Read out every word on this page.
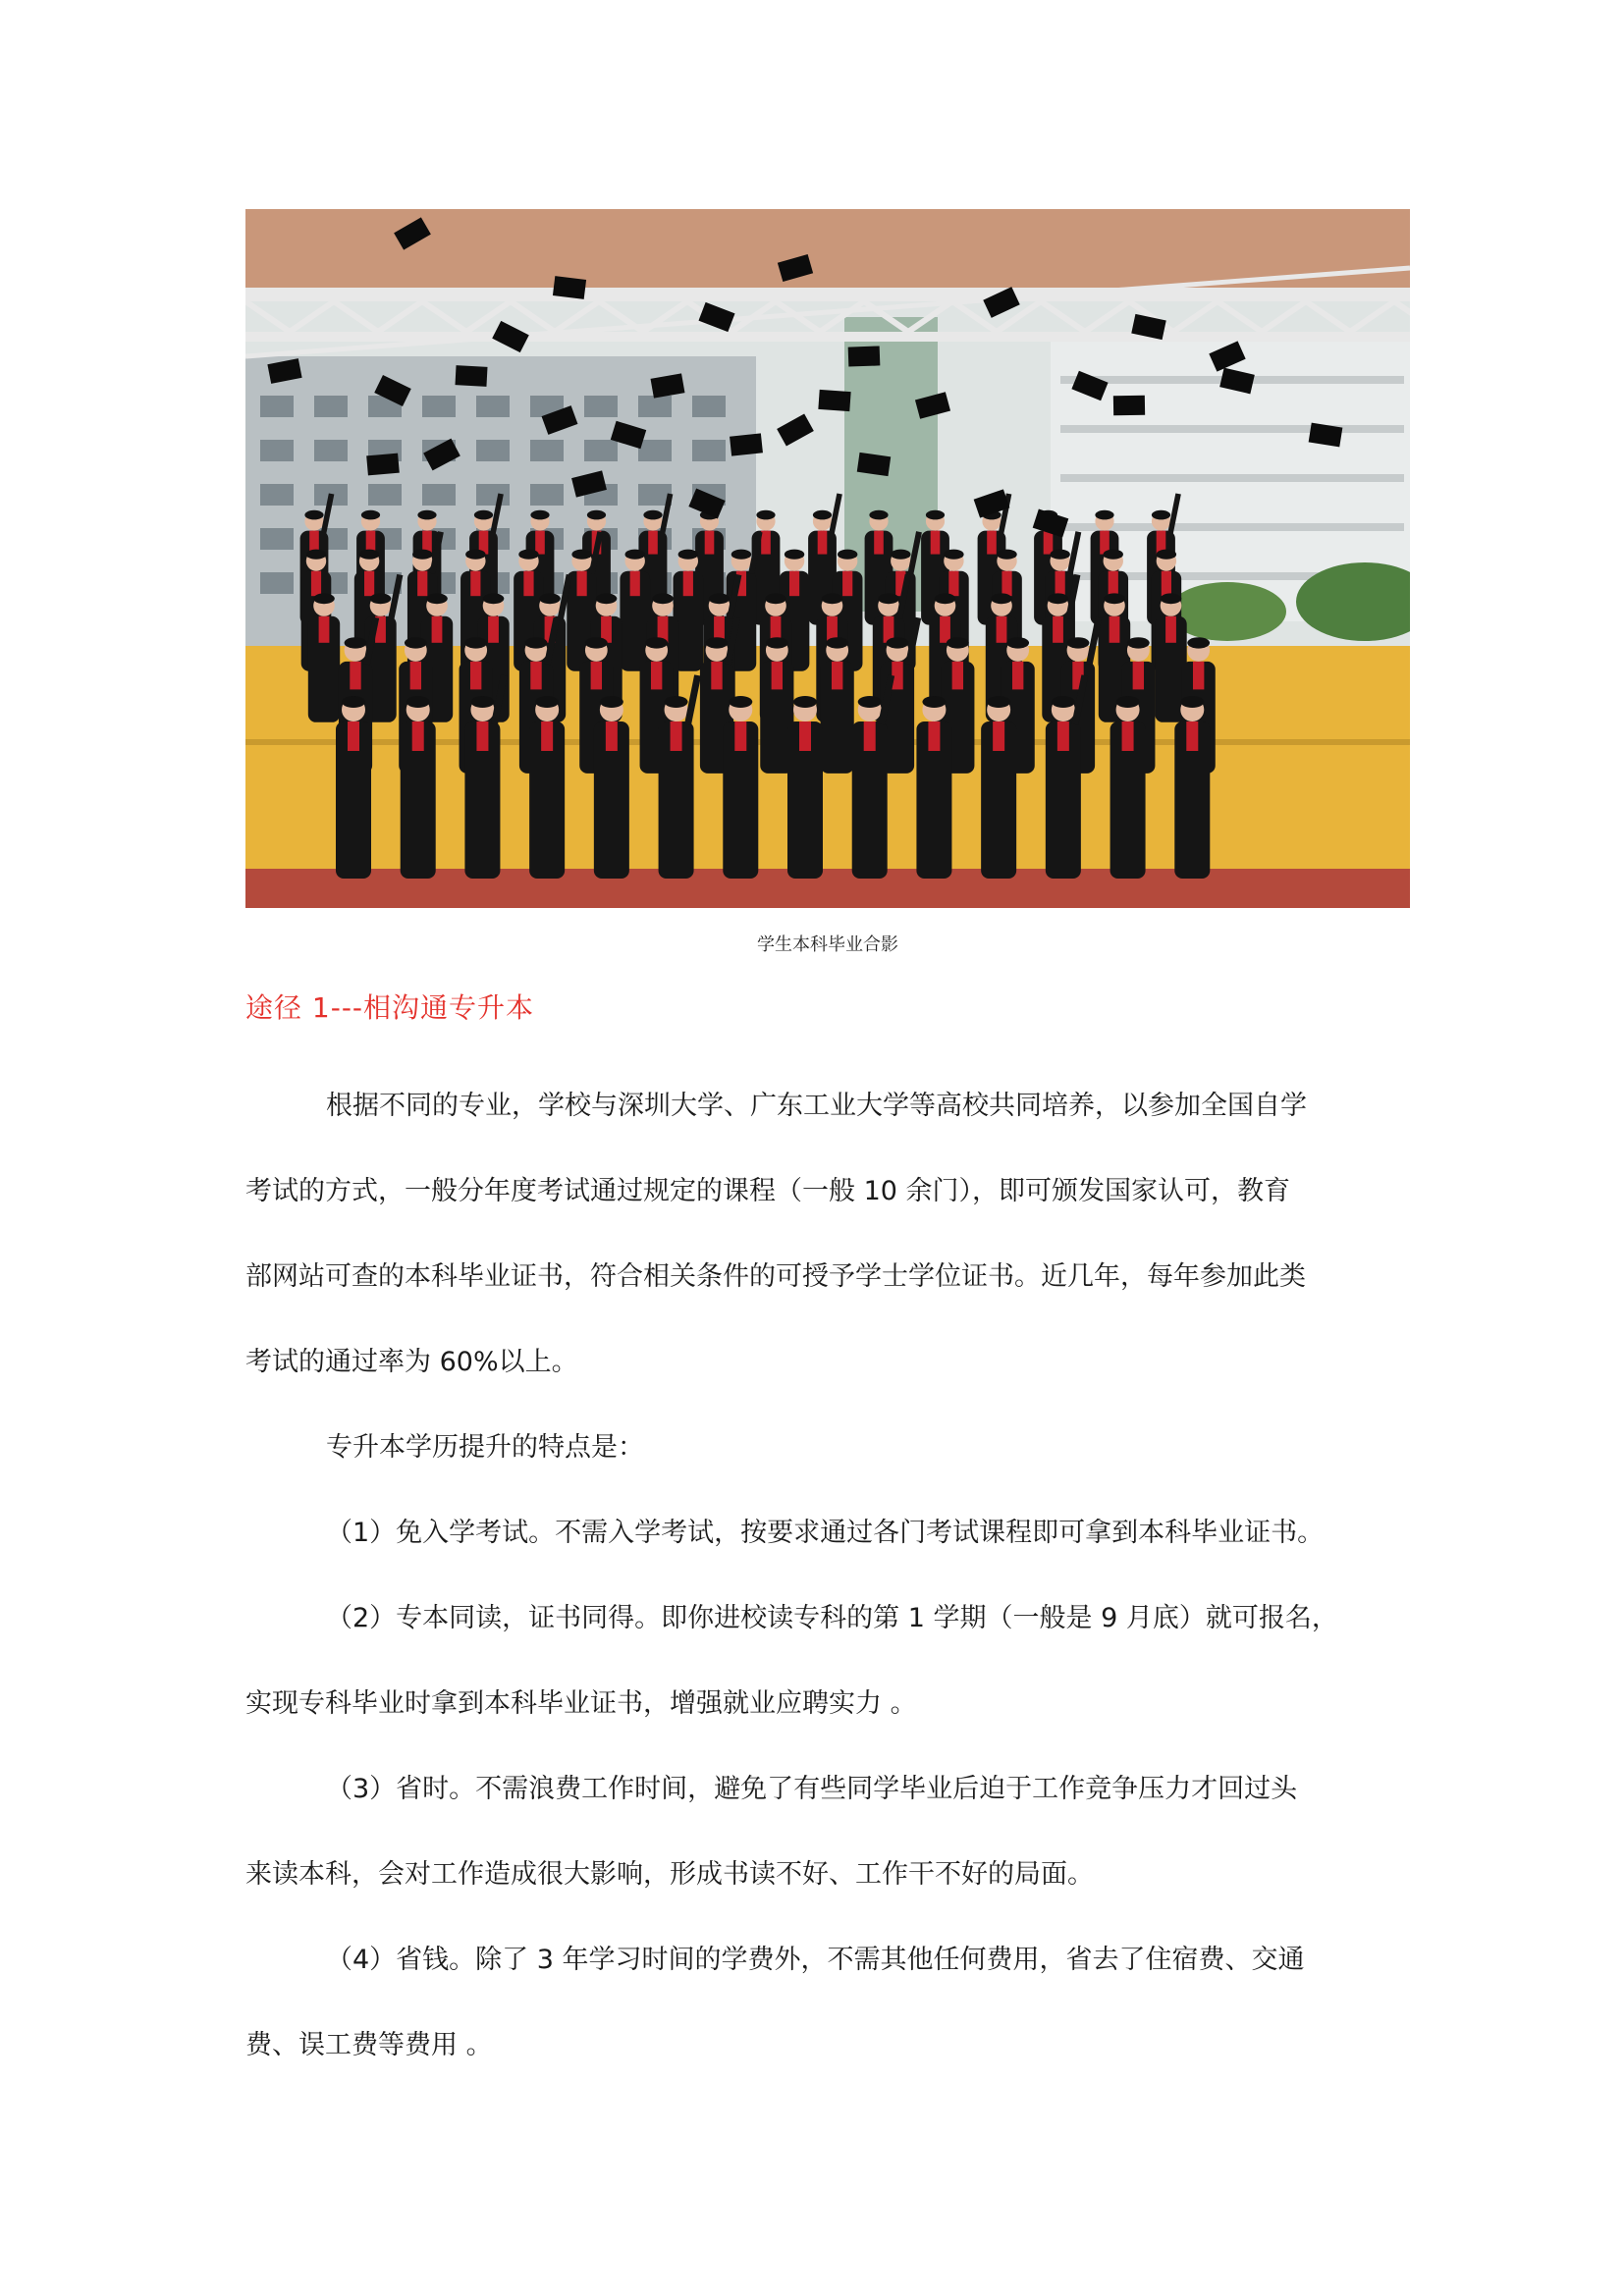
学生本科毕业合影
途径 1---相沟通专升本
根据不同的专业，学校与深圳大学、广东工业大学等高校共同培养，以参加全国自学
考试的方式，一般分年度考试通过规定的课程（一般 10 余门），即可颁发国家认可，教育
部网站可查的本科毕业证书，符合相关条件的可授予学士学位证书。近几年，每年参加此类
考试的通过率为 60%以上。
专升本学历提升的特点是：
（1）免入学考试。不需入学考试，按要求通过各门考试课程即可拿到本科毕业证书。
（2）专本同读，证书同得。即你进校读专科的第 1 学期（一般是 9 月底）就可报名，
实现专科毕业时拿到本科毕业证书，增强就业应聘实力 。
（3）省时。不需浪费工作时间，避免了有些同学毕业后迫于工作竞争压力才回过头
来读本科，会对工作造成很大影响，形成书读不好、工作干不好的局面。
（4）省钱。除了 3 年学习时间的学费外，不需其他任何费用，省去了住宿费、交通
费、误工费等费用 。
